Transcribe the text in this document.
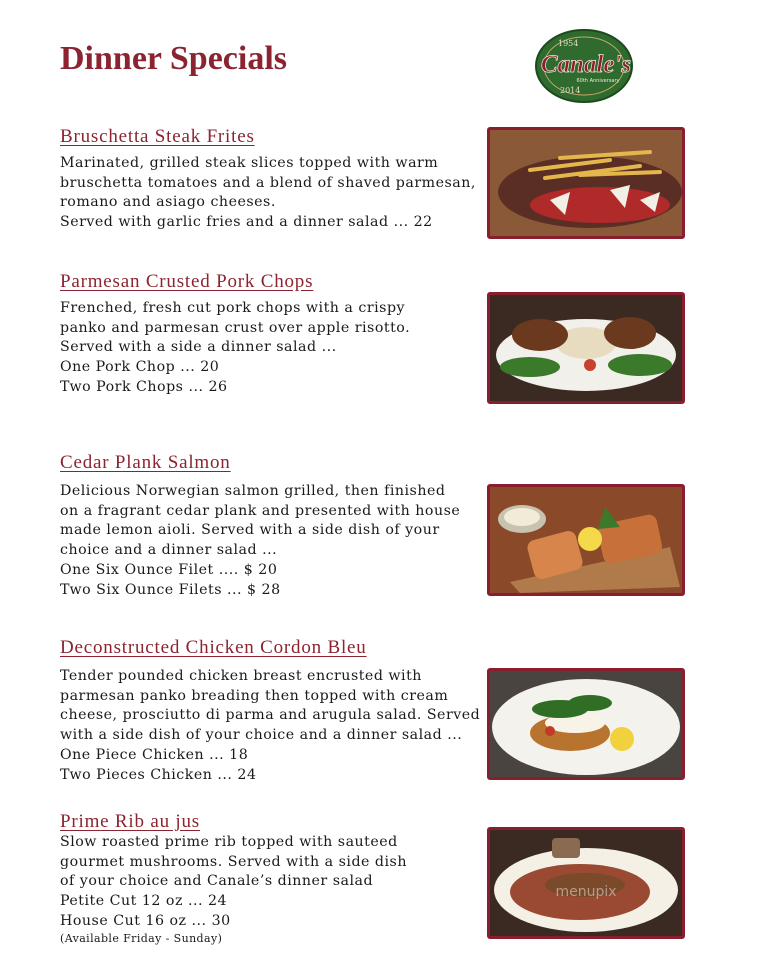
Dinner Specials	1954
2014
Canale's
60th Anniversary
Bruschetta Steak Frites
Marinated, grilled steak slices topped with warm
bruschetta tomatoes and a blend of shaved parmesan,
romano and asiago cheeses.
Served with garlic fries and a dinner salad ... 22
Parmesan Crusted Pork Chops
Frenched, fresh cut pork chops with a crispy
panko and parmesan crust over apple risotto.
Served with a side a dinner salad ...
One Pork Chop ... 20
Two Pork Chops ... 26
Cedar Plank Salmon
Delicious Norwegian salmon grilled, then finished
on a fragrant cedar plank and presented with house
made lemon aioli. Served with a side dish of your
choice and a dinner salad ...
One Six Ounce Filet .... $ 20
Two Six Ounce Filets ... $ 28
Deconstructed Chicken Cordon Bleu
Tender pounded chicken breast encrusted with
parmesan panko breading then topped with cream
cheese, prosciutto di parma and arugula salad. Served
with a side dish of your choice and a dinner salad ...
One Piece Chicken ... 18
Two Pieces Chicken ... 24
Prime Rib au jus
Slow roasted prime rib topped with sauteed
gourmet mushrooms. Served with a side dish
of your choice and Canale’s dinner salad
Petite Cut 12 oz ... 24
House Cut 16 oz ... 30
(Available Friday - Sunday)
menupix
